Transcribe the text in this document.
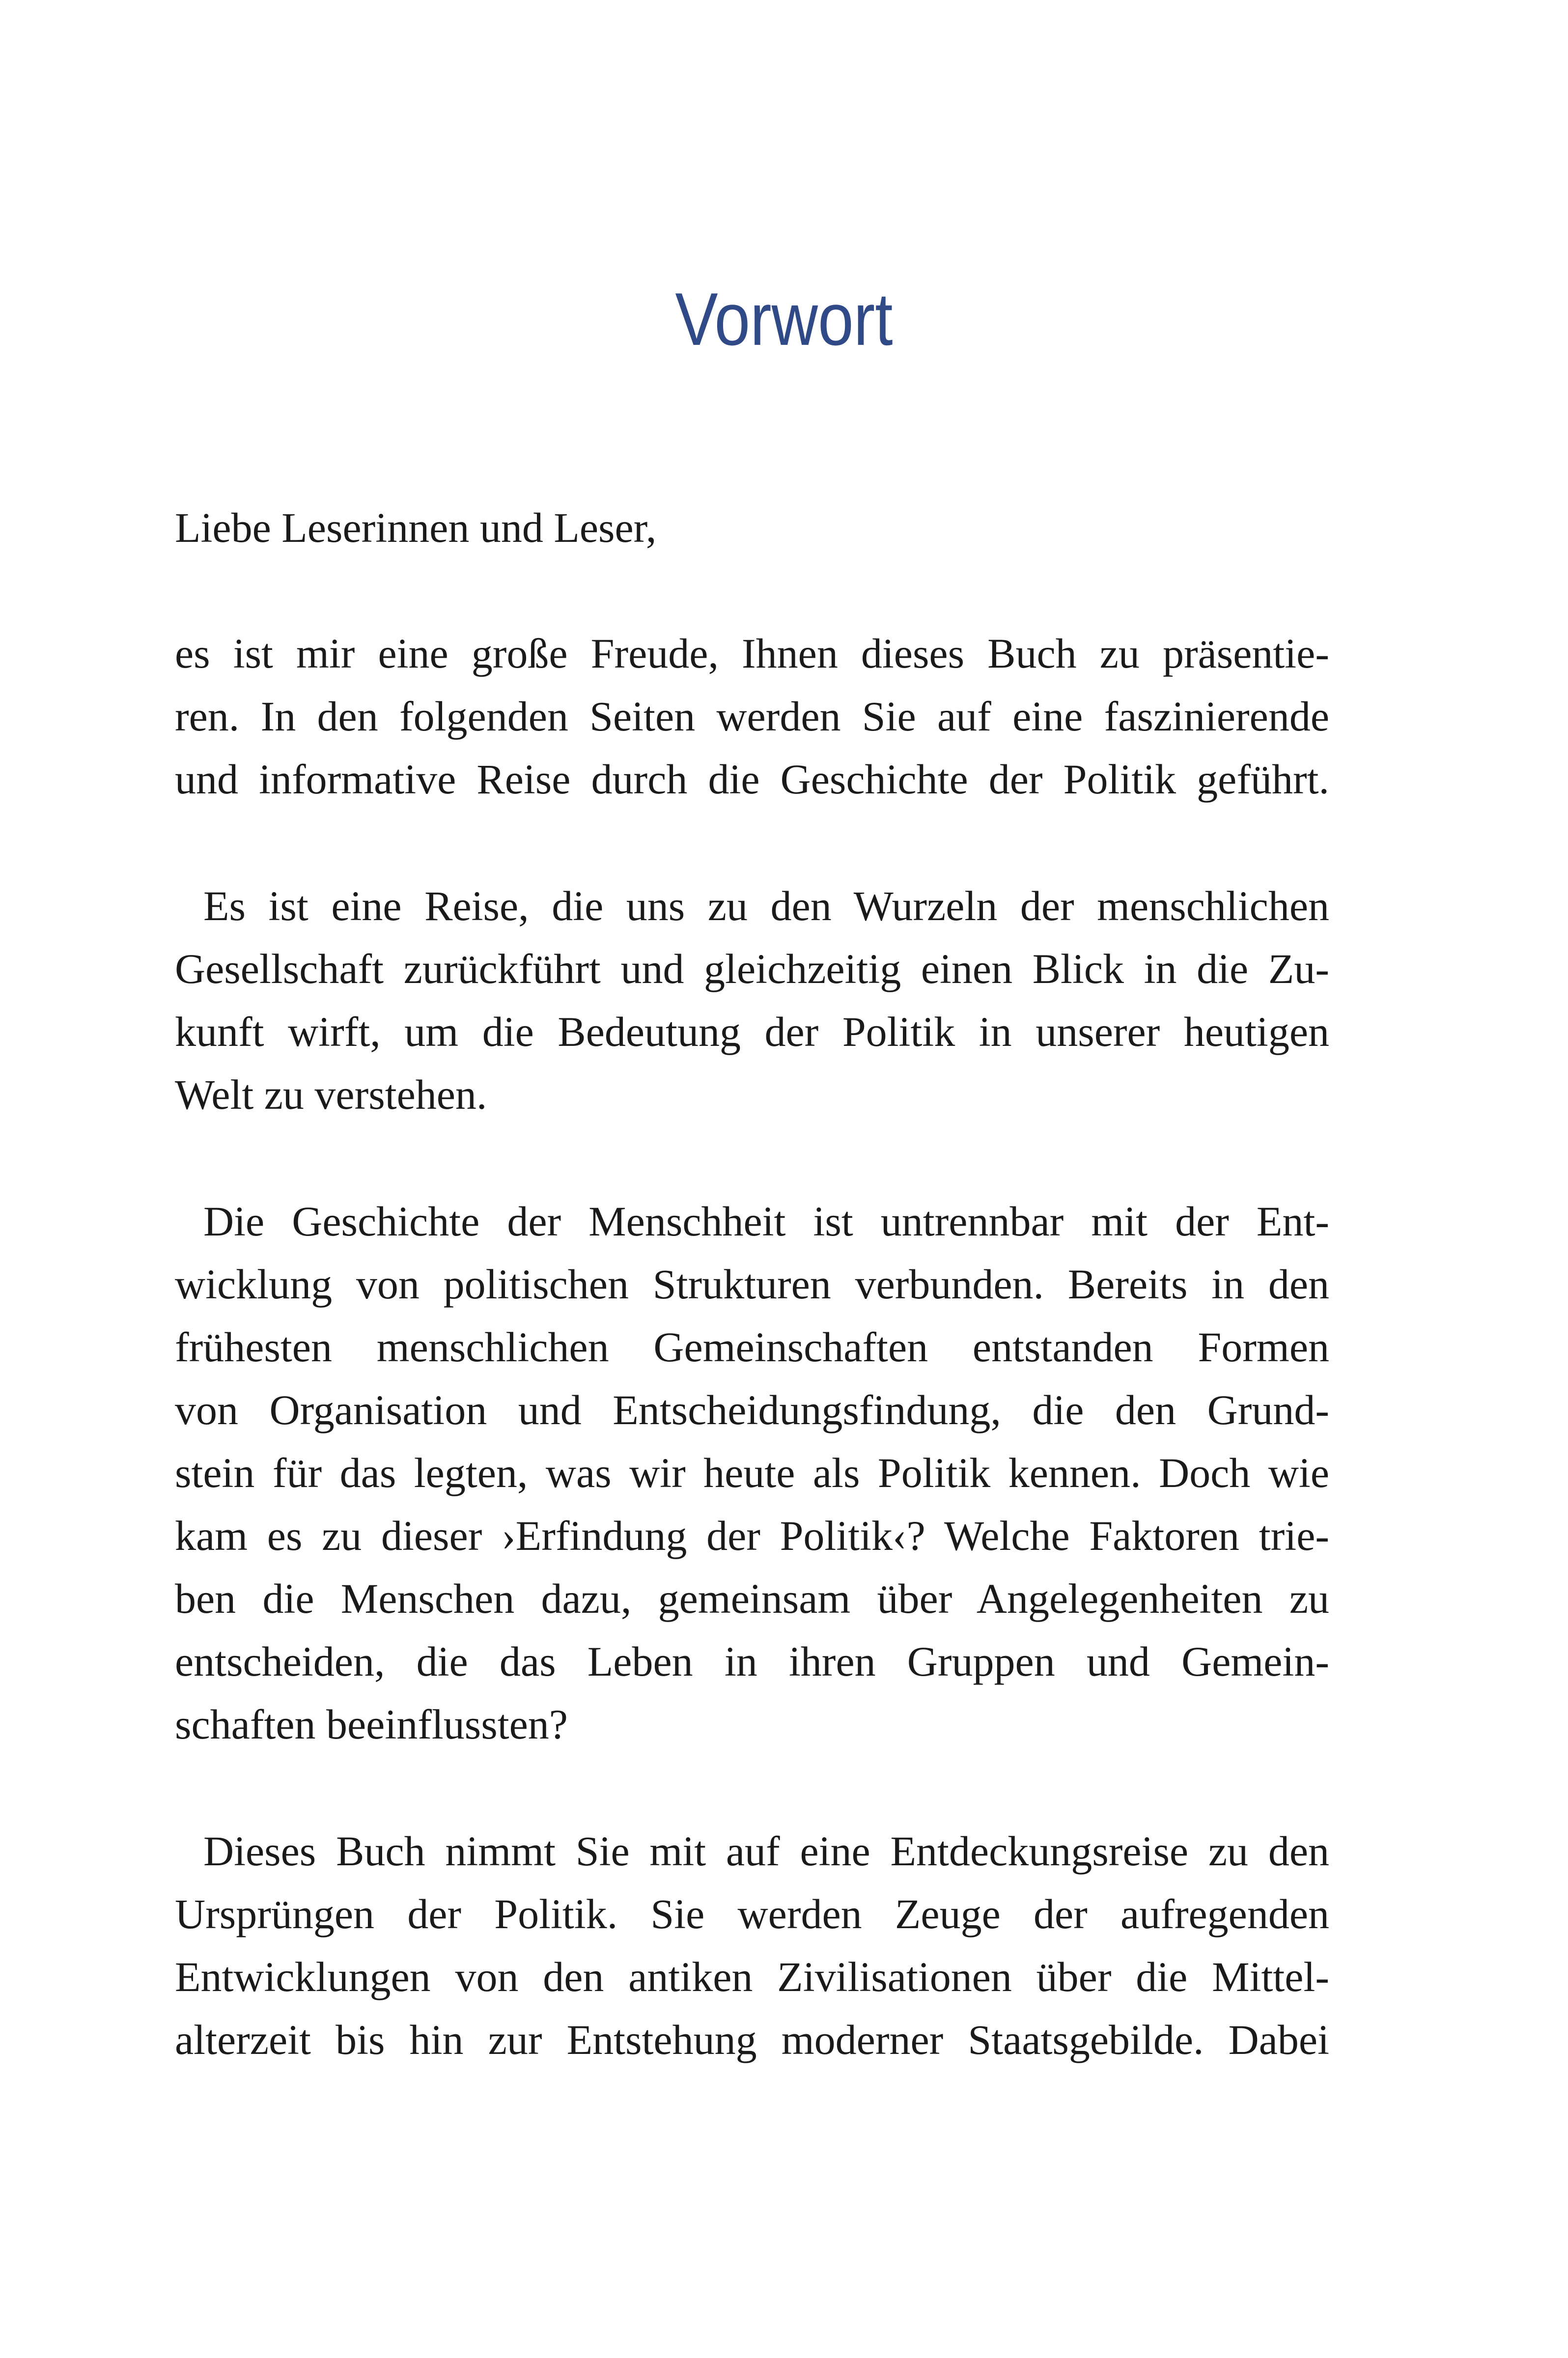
Vorwort

Liebe Leserinnen und Leser,

es ist mir eine große Freude, Ihnen dieses Buch zu präsentie-

ren. In den folgenden Seiten werden Sie auf eine faszinierende

und informative Reise durch die Geschichte der Politik geführt.

Es ist eine Reise, die uns zu den Wurzeln der menschlichen

Gesellschaft zurückführt und gleichzeitig einen Blick in die Zu-

kunft wirft, um die Bedeutung der Politik in unserer heutigen

Welt zu verstehen.

Die Geschichte der Menschheit ist untrennbar mit der Ent-

wicklung von politischen Strukturen verbunden. Bereits in den

frühesten menschlichen Gemeinschaften entstanden Formen

von Organisation und Entscheidungsfindung, die den Grund-

stein für das legten, was wir heute als Politik kennen. Doch wie

kam es zu dieser ›Erfindung der Politik‹? Welche Faktoren trie-

ben die Menschen dazu, gemeinsam über Angelegenheiten zu

entscheiden, die das Leben in ihren Gruppen und Gemein-

schaften beeinflussten?

Dieses Buch nimmt Sie mit auf eine Entdeckungsreise zu den

Ursprüngen der Politik. Sie werden Zeuge der aufregenden

Entwicklungen von den antiken Zivilisationen über die Mittel-

alterzeit bis hin zur Entstehung moderner Staatsgebilde. Dabei
